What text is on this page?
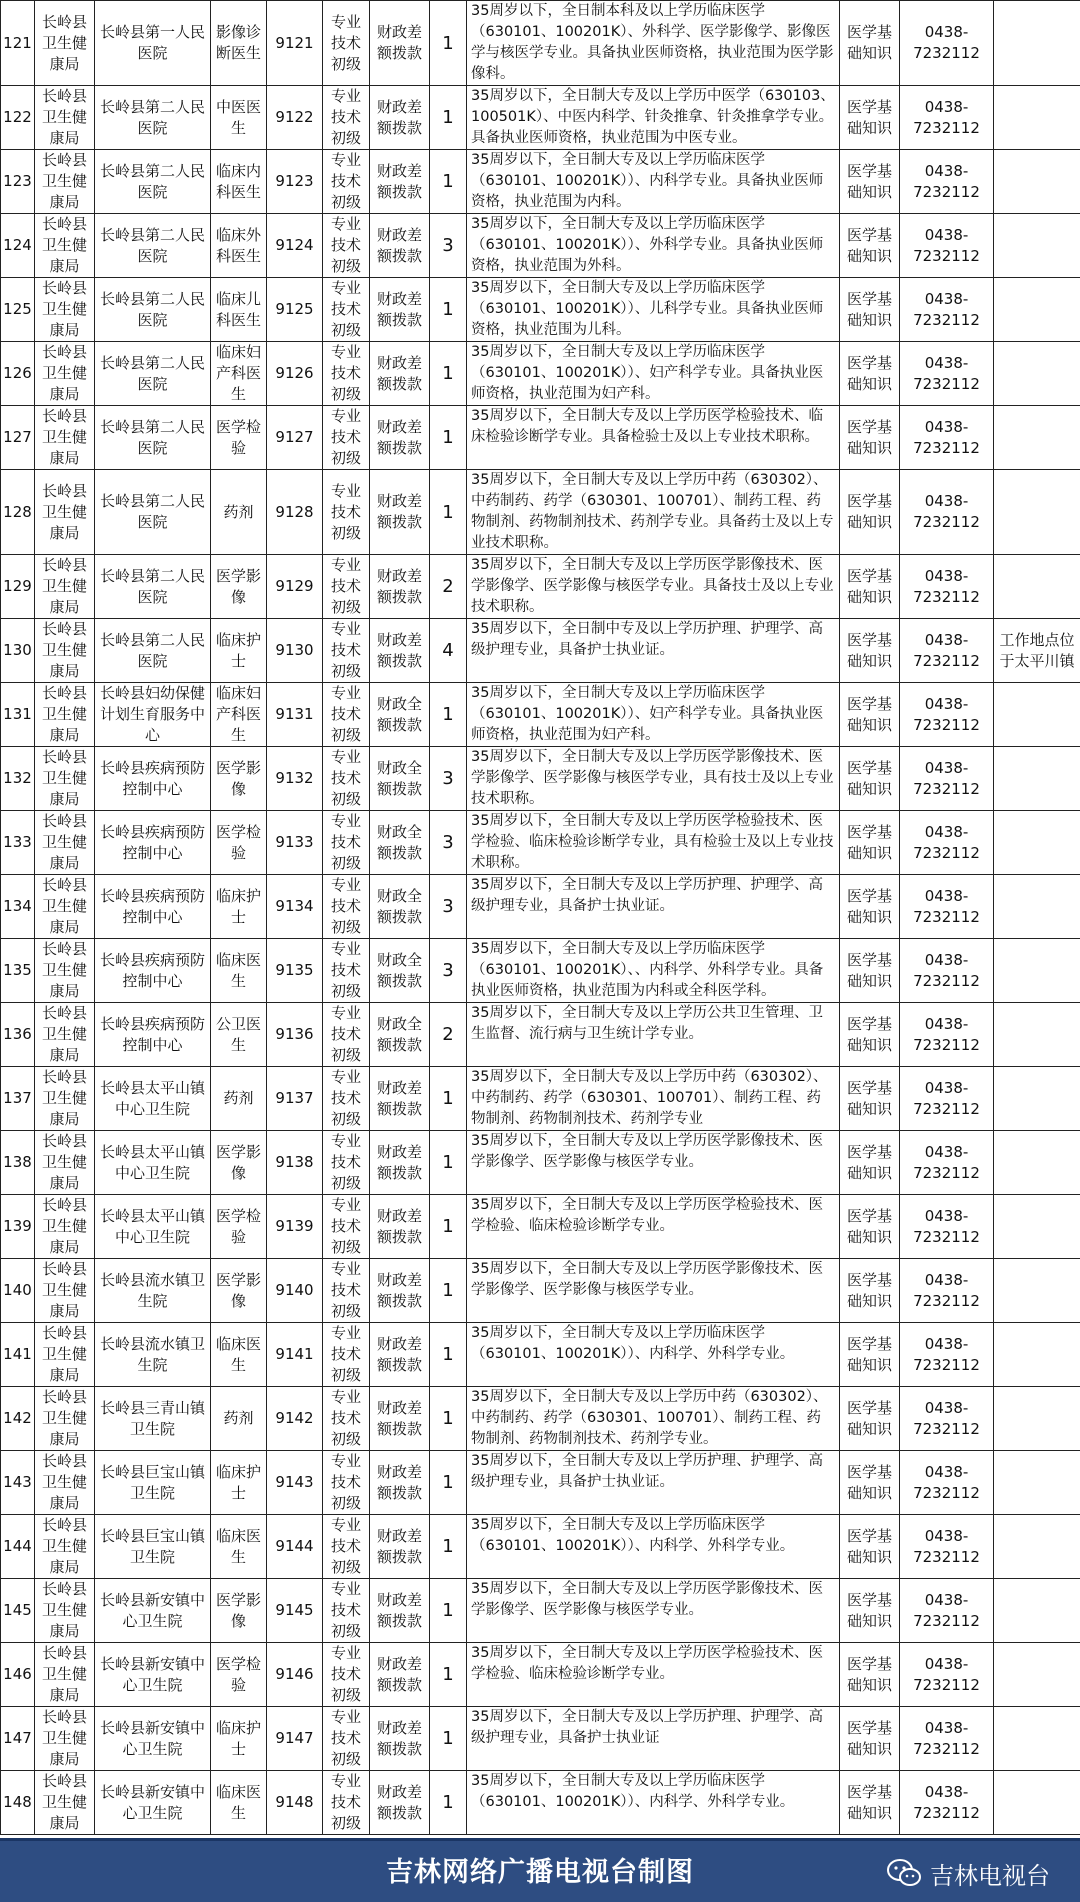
121	长岭县卫生健康局	长岭县第一人民医院	影像诊断医生	9121	专业技术初级	财政差额拨款	1	35周岁以下，全日制本科及以上学历临床医学（630101、100201K）、外科学、医学影像学、影像医学与核医学专业。具备执业医师资格，执业范围为医学影像科。	医学基础知识	0438-7232112	
122	长岭县卫生健康局	长岭县第二人民医院	中医医生	9122	专业技术初级	财政差额拨款	1	35周岁以下，全日制大专及以上学历中医学（630103、100501K）、中医内科学、针灸推拿、针灸推拿学专业。具备执业医师资格，执业范围为中医专业。	医学基础知识	0438-7232112	
123	长岭县卫生健康局	长岭县第二人民医院	临床内科医生	9123	专业技术初级	财政差额拨款	1	35周岁以下，全日制大专及以上学历临床医学（630101、100201K））、内科学专业。具备执业医师资格，执业范围为内科。	医学基础知识	0438-7232112	
124	长岭县卫生健康局	长岭县第二人民医院	临床外科医生	9124	专业技术初级	财政差额拨款	3	35周岁以下，全日制大专及以上学历临床医学（630101、100201K））、外科学专业。具备执业医师资格，执业范围为外科。	医学基础知识	0438-7232112	
125	长岭县卫生健康局	长岭县第二人民医院	临床儿科医生	9125	专业技术初级	财政差额拨款	1	35周岁以下，全日制大专及以上学历临床医学（630101、100201K））、儿科学专业。具备执业医师资格，执业范围为儿科。	医学基础知识	0438-7232112	
126	长岭县卫生健康局	长岭县第二人民医院	临床妇产科医生	9126	专业技术初级	财政差额拨款	1	35周岁以下，全日制大专及以上学历临床医学（630101、100201K））、妇产科学专业。具备执业医师资格，执业范围为妇产科。	医学基础知识	0438-7232112	
127	长岭县卫生健康局	长岭县第二人民医院	医学检验	9127	专业技术初级	财政差额拨款	1	35周岁以下，全日制大专及以上学历医学检验技术、临床检验诊断学专业。具备检验士及以上专业技术职称。	医学基础知识	0438-7232112	
128	长岭县卫生健康局	长岭县第二人民医院	药剂	9128	专业技术初级	财政差额拨款	1	35周岁以下，全日制大专及以上学历中药（630302）、中药制药、药学（630301、100701）、制药工程、药物制剂、药物制剂技术、药剂学专业。具备药士及以上专业技术职称。	医学基础知识	0438-7232112	
129	长岭县卫生健康局	长岭县第二人民医院	医学影像	9129	专业技术初级	财政差额拨款	2	35周岁以下，全日制大专及以上学历医学影像技术、医学影像学、医学影像与核医学专业。具备技士及以上专业技术职称。	医学基础知识	0438-7232112	
130	长岭县卫生健康局	长岭县第二人民医院	临床护士	9130	专业技术初级	财政差额拨款	4	35周岁以下，全日制中专及以上学历护理、护理学、高级护理专业，具备护士执业证。	医学基础知识	0438-7232112	工作地点位于太平川镇
131	长岭县卫生健康局	长岭县妇幼保健计划生育服务中心	临床妇产科医生	9131	专业技术初级	财政全额拨款	1	35周岁以下，全日制大专及以上学历临床医学（630101、100201K））、妇产科学专业。具备执业医师资格，执业范围为妇产科。	医学基础知识	0438-7232112	
132	长岭县卫生健康局	长岭县疾病预防控制中心	医学影像	9132	专业技术初级	财政全额拨款	3	35周岁以下，全日制大专及以上学历医学影像技术、医学影像学、医学影像与核医学专业，具有技士及以上专业技术职称。	医学基础知识	0438-7232112	
133	长岭县卫生健康局	长岭县疾病预防控制中心	医学检验	9133	专业技术初级	财政全额拨款	3	35周岁以下，全日制大专及以上学历医学检验技术、医学检验、临床检验诊断学专业，具有检验士及以上专业技术职称。	医学基础知识	0438-7232112	
134	长岭县卫生健康局	长岭县疾病预防控制中心	临床护士	9134	专业技术初级	财政全额拨款	3	35周岁以下，全日制大专及以上学历护理、护理学、高级护理专业，具备护士执业证。	医学基础知识	0438-7232112	
135	长岭县卫生健康局	长岭县疾病预防控制中心	临床医生	9135	专业技术初级	财政全额拨款	3	35周岁以下，全日制大专及以上学历临床医学（630101、100201K）、、内科学、外科学专业。具备执业医师资格，执业范围为内科或全科医学科。	医学基础知识	0438-7232112	
136	长岭县卫生健康局	长岭县疾病预防控制中心	公卫医生	9136	专业技术初级	财政全额拨款	2	35周岁以下，全日制大专及以上学历公共卫生管理、卫生监督、流行病与卫生统计学专业。	医学基础知识	0438-7232112	
137	长岭县卫生健康局	长岭县太平山镇中心卫生院	药剂	9137	专业技术初级	财政差额拨款	1	35周岁以下，全日制大专及以上学历中药（630302）、中药制药、药学（630301、100701）、制药工程、药物制剂、药物制剂技术、药剂学专业	医学基础知识	0438-7232112	
138	长岭县卫生健康局	长岭县太平山镇中心卫生院	医学影像	9138	专业技术初级	财政差额拨款	1	35周岁以下，全日制大专及以上学历医学影像技术、医学影像学、医学影像与核医学专业。	医学基础知识	0438-7232112	
139	长岭县卫生健康局	长岭县太平山镇中心卫生院	医学检验	9139	专业技术初级	财政差额拨款	1	35周岁以下，全日制大专及以上学历医学检验技术、医学检验、临床检验诊断学专业。	医学基础知识	0438-7232112	
140	长岭县卫生健康局	长岭县流水镇卫生院	医学影像	9140	专业技术初级	财政差额拨款	1	35周岁以下，全日制大专及以上学历医学影像技术、医学影像学、医学影像与核医学专业。	医学基础知识	0438-7232112	
141	长岭县卫生健康局	长岭县流水镇卫生院	临床医生	9141	专业技术初级	财政差额拨款	1	35周岁以下，全日制大专及以上学历临床医学（630101、100201K））、内科学、外科学专业。	医学基础知识	0438-7232112	
142	长岭县卫生健康局	长岭县三青山镇卫生院	药剂	9142	专业技术初级	财政差额拨款	1	35周岁以下，全日制大专及以上学历中药（630302）、中药制药、药学（630301、100701）、制药工程、药物制剂、药物制剂技术、药剂学专业。	医学基础知识	0438-7232112	
143	长岭县卫生健康局	长岭县巨宝山镇卫生院	临床护士	9143	专业技术初级	财政差额拨款	1	35周岁以下，全日制大专及以上学历护理、护理学、高级护理专业，具备护士执业证。	医学基础知识	0438-7232112	
144	长岭县卫生健康局	长岭县巨宝山镇卫生院	临床医生	9144	专业技术初级	财政差额拨款	1	35周岁以下，全日制大专及以上学历临床医学（630101、100201K））、内科学、外科学专业。	医学基础知识	0438-7232112	
145	长岭县卫生健康局	长岭县新安镇中心卫生院	医学影像	9145	专业技术初级	财政差额拨款	1	35周岁以下，全日制大专及以上学历医学影像技术、医学影像学、医学影像与核医学专业。	医学基础知识	0438-7232112	
146	长岭县卫生健康局	长岭县新安镇中心卫生院	医学检验	9146	专业技术初级	财政差额拨款	1	35周岁以下，全日制大专及以上学历医学检验技术、医学检验、临床检验诊断学专业。	医学基础知识	0438-7232112	
147	长岭县卫生健康局	长岭县新安镇中心卫生院	临床护士	9147	专业技术初级	财政差额拨款	1	35周岁以下，全日制大专及以上学历护理、护理学、高级护理专业，具备护士执业证	医学基础知识	0438-7232112	
148	长岭县卫生健康局	长岭县新安镇中心卫生院	临床医生	9148	专业技术初级	财政差额拨款	1	35周岁以下，全日制大专及以上学历临床医学（630101、100201K））、内科学、外科学专业。	医学基础知识	0438-7232112	
吉林网络广播电视台制图	吉林电视台
